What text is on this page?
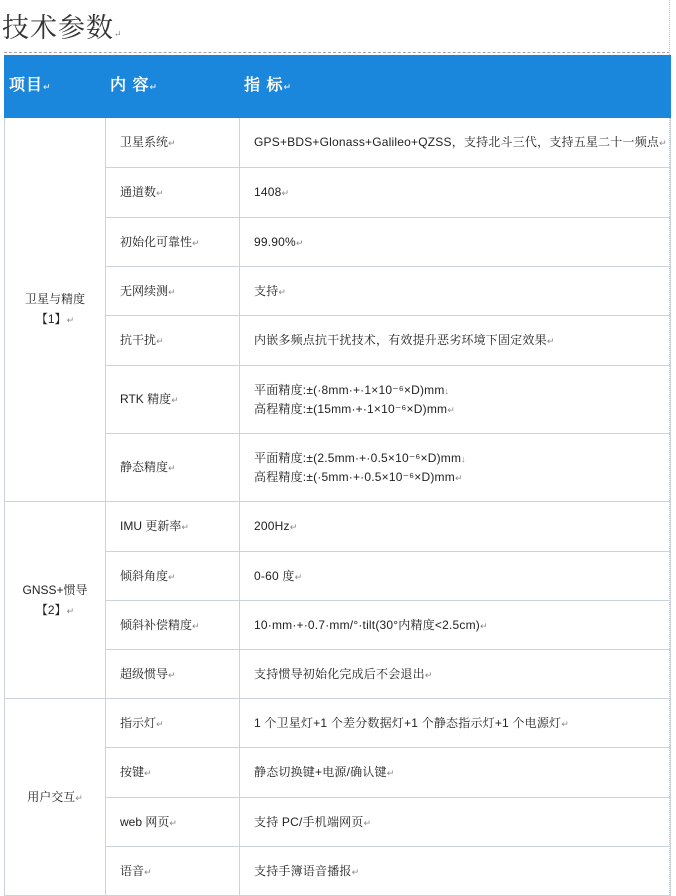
技术参数↵
项目↵	内 容↵	指 标↵

卫星与精度
【1】↵	卫星系统↵	GPS+BDS+Glonass+Galileo+QZSS，支持北斗三代，支持五星二十一频点↵

	通道数↵	1408↵

	初始化可靠性↵	99.90%↵

	无网续测↵	支持↵

	抗干扰↵	内嵌多频点抗干扰技术，有效提升恶劣环境下固定效果↵

	RTK 精度↵	平面精度:±(·8mm·+·1×10⁻⁶×D)mm↓
高程精度:±(15mm·+·1×10⁻⁶×D)mm↵

	静态精度↵	平面精度:±(2.5mm·+·0.5×10⁻⁶×D)mm↓
高程精度:±(·5mm·+·0.5×10⁻⁶×D)mm↵

GNSS+惯导
【2】↵	IMU 更新率↵	200Hz↵

	倾斜角度↵	0-60 度↵

	倾斜补偿精度↵	10·mm·+·0.7·mm/°·tilt(30°内精度<2.5cm)↵

	超级惯导↵	支持惯导初始化完成后不会退出↵

用户交互↵	指示灯↵	1 个卫星灯+1 个差分数据灯+1 个静态指示灯+1 个电源灯↵

	按键↵	静态切换键+电源/确认键↵

	web 网页↵	支持 PC/手机端网页↵

	语音↵	支持手簿语音播报↵
